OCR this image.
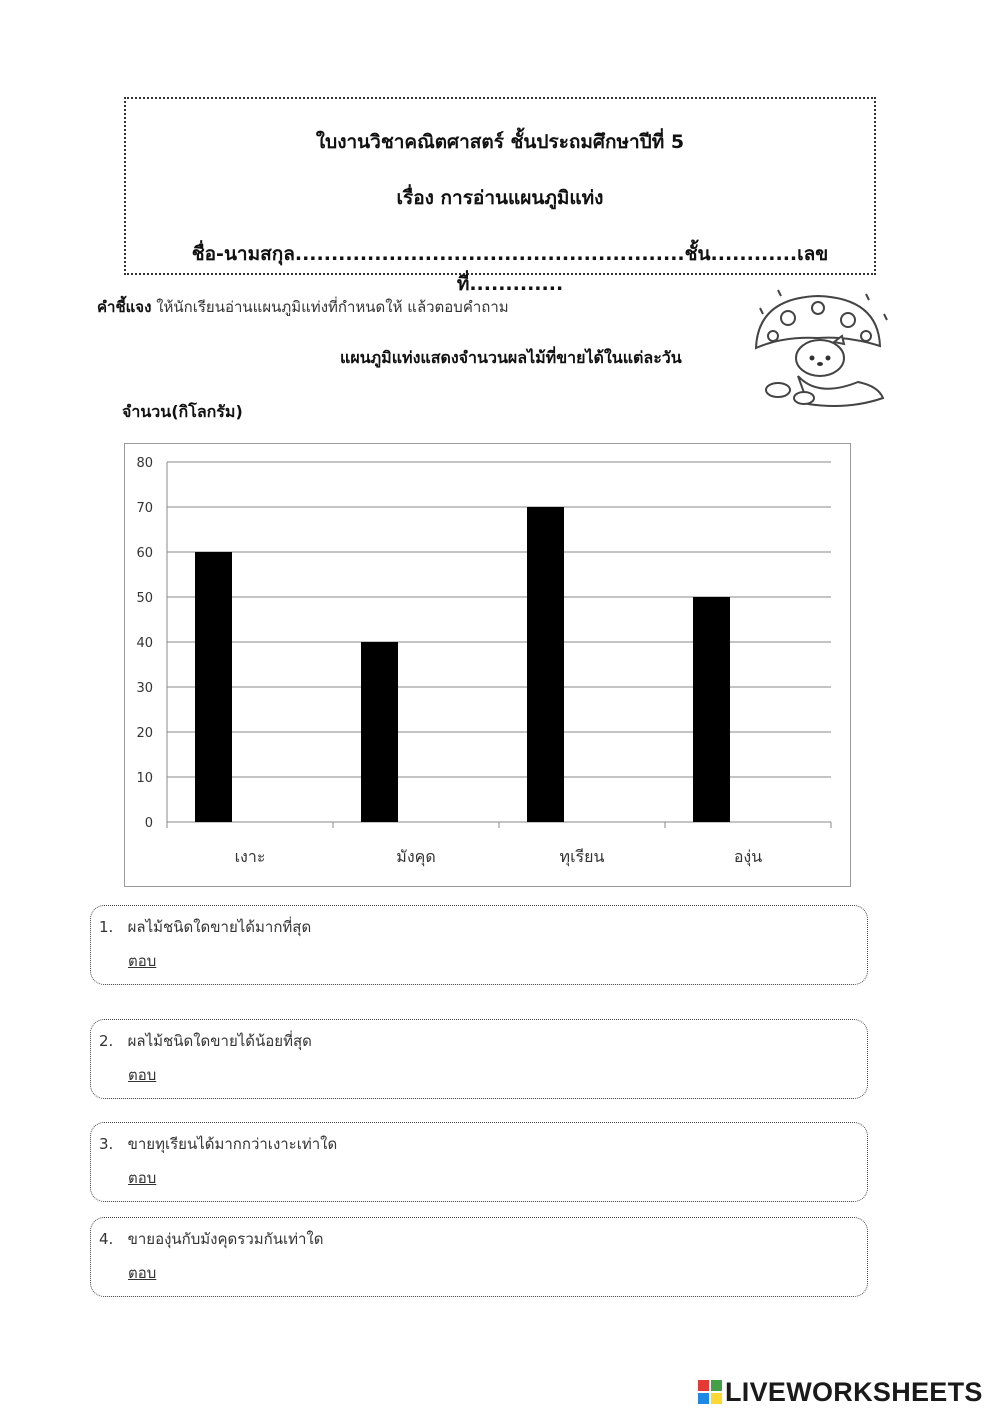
ใบงานวิชาคณิตศาสตร์ ชั้นประถมศึกษาปีที่ 5
เรื่อง การอ่านแผนภูมิแท่ง
ชื่อ-นามสกุล......................................................ชั้น............เลขที่.............
คำชี้แจง ให้นักเรียนอ่านแผนภูมิแท่งที่กำหนดให้ แล้วตอบคำถาม
แผนภูมิแท่งแสดงจำนวนผลไม้ที่ขายได้ในแต่ละวัน
จำนวน(กิโลกรัม)
0
10
20
30
40
50
60
70
80
เงาะ	มังคุด	ทุเรียน	องุ่น
1. ผลไม้ชนิดใดขายได้มากที่สุด
ตอบ
2. ผลไม้ชนิดใดขายได้น้อยที่สุด
ตอบ
3. ขายทุเรียนได้มากกว่าเงาะเท่าใด
ตอบ
4. ขายองุ่นกับมังคุดรวมกันเท่าใด
ตอบ
LIVEWORKSHEETS
